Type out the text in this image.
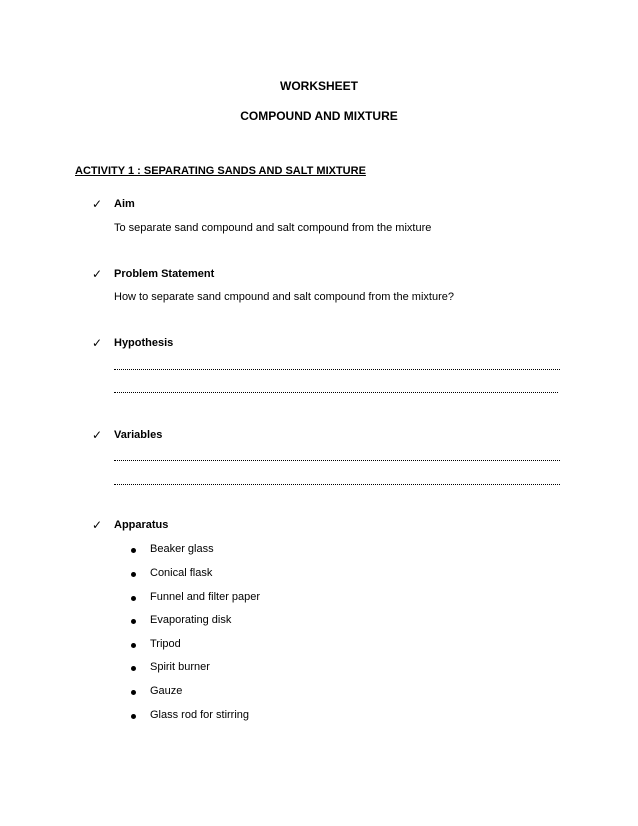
WORKSHEET
COMPOUND AND MIXTURE
ACTIVITY 1 : SEPARATING SANDS AND SALT MIXTURE
✓ Aim
To separate sand compound and salt compound from the mixture
✓ Problem Statement
How to separate sand cmpound and salt compound from the mixture?
✓ Hypothesis
✓ Variables
✓ Apparatus
Beaker glass
Conical flask
Funnel and filter paper
Evaporating disk
Tripod
Spirit burner
Gauze
Glass rod for stirring
